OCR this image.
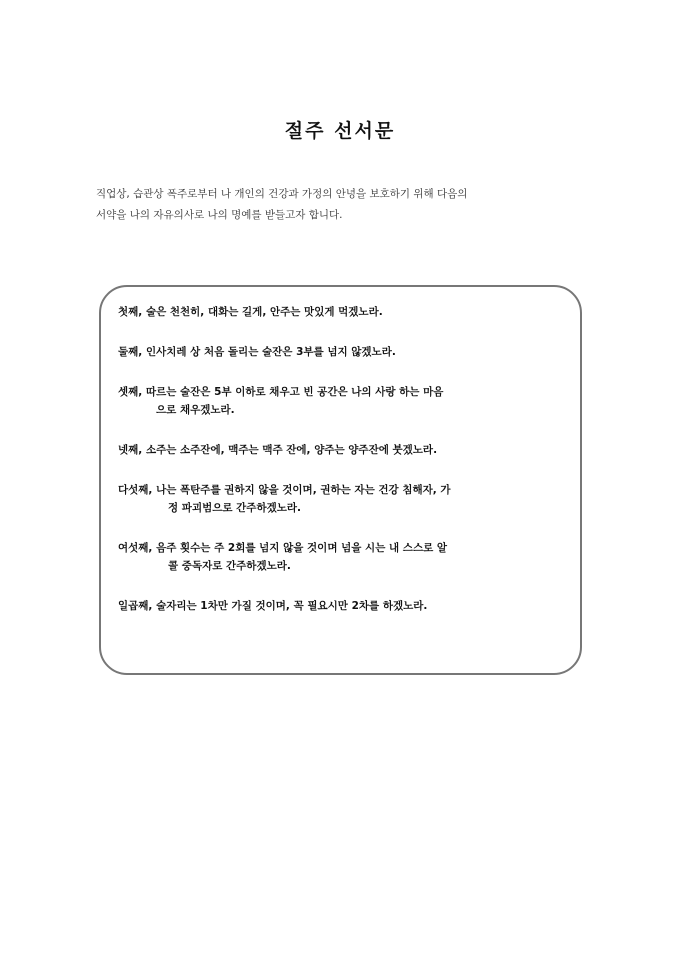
절주 선서문

직업상, 습관상 폭주로부터 나 개인의 건강과 가정의 안녕을 보호하기 위해 다음의

서약을 나의 자유의사로 나의 명예를 받들고자 합니다.

첫째, 술은 천천히, 대화는 길게, 안주는 맛있게 먹겠노라.
둘째, 인사치레 상 처음 돌리는 술잔은 3부를 넘지 않겠노라.
셋째, 따르는 술잔은 5부 이하로 채우고 빈 공간은 나의 사랑 하는 마음
으로 채우겠노라.
넷째, 소주는 소주잔에, 맥주는 맥주 잔에, 양주는 양주잔에 붓겠노라.
다섯째, 나는 폭탄주를 권하지 않을 것이며, 권하는 자는 건강 침해자, 가
정 파괴범으로 간주하겠노라.
여섯째, 음주 횟수는 주 2회를 넘지 않을 것이며 넘을 시는 내 스스로 알
콜 중독자로 간주하겠노라.
일곱째, 술자리는 1차만 가질 것이며, 꼭 필요시만 2차를 하겠노라.
